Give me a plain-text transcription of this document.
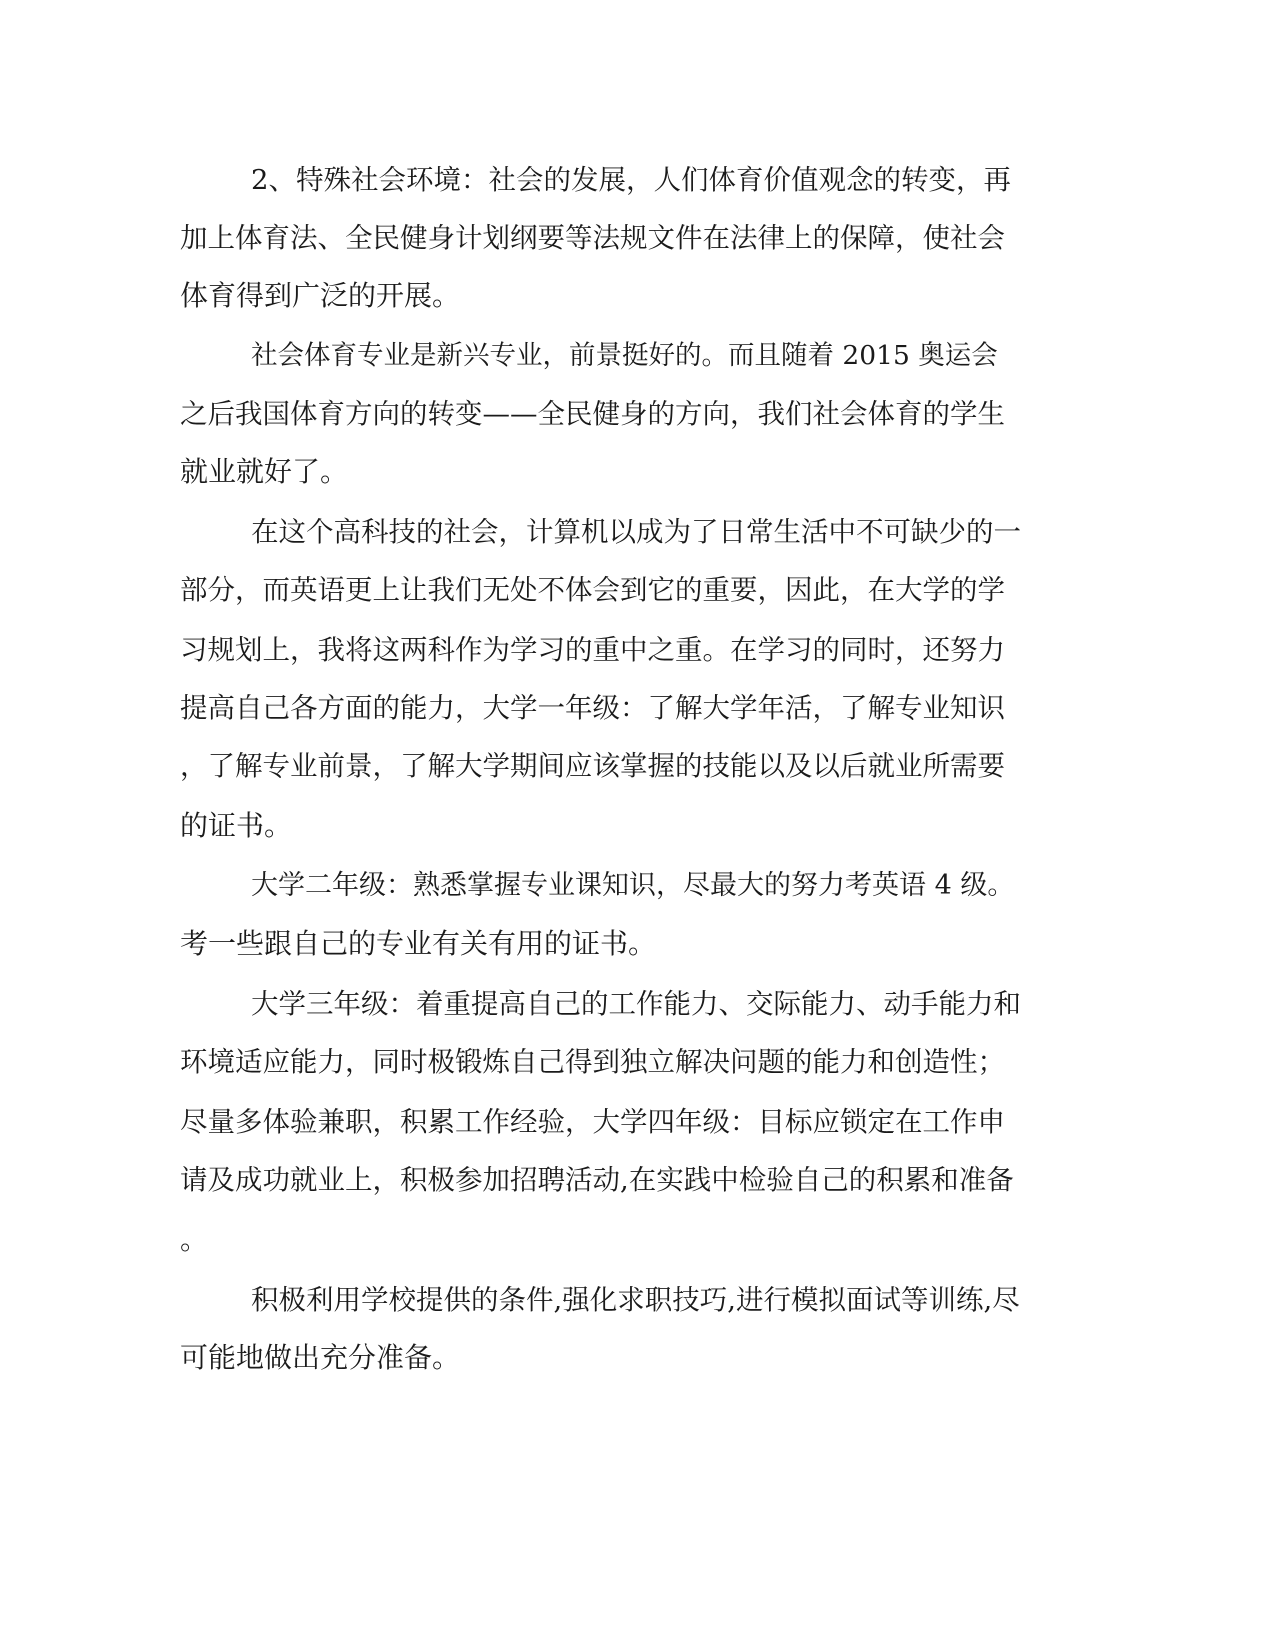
2、特殊社会环境：社会的发展，人们体育价值观念的转变，再
加上体育法、全民健身计划纲要等法规文件在法律上的保障，使社会
体育得到广泛的开展。
社会体育专业是新兴专业，前景挺好的。而且随着 2015 奥运会
之后我国体育方向的转变——全民健身的方向，我们社会体育的学生
就业就好了。
在这个高科技的社会，计算机以成为了日常生活中不可缺少的一
部分，而英语更上让我们无处不体会到它的重要，因此，在大学的学
习规划上，我将这两科作为学习的重中之重。在学习的同时，还努力
提高自己各方面的能力，大学一年级：了解大学年活，了解专业知识
，了解专业前景，了解大学期间应该掌握的技能以及以后就业所需要
的证书。
大学二年级：熟悉掌握专业课知识，尽最大的努力考英语 4 级。
考一些跟自己的专业有关有用的证书。
大学三年级：着重提高自己的工作能力、交际能力、动手能力和
环境适应能力，同时极锻炼自己得到独立解决问题的能力和创造性；
尽量多体验兼职，积累工作经验，大学四年级：目标应锁定在工作申
请及成功就业上，积极参加招聘活动,在实践中检验自己的积累和准备
。
积极利用学校提供的条件,强化求职技巧,进行模拟面试等训练,尽
可能地做出充分准备。
